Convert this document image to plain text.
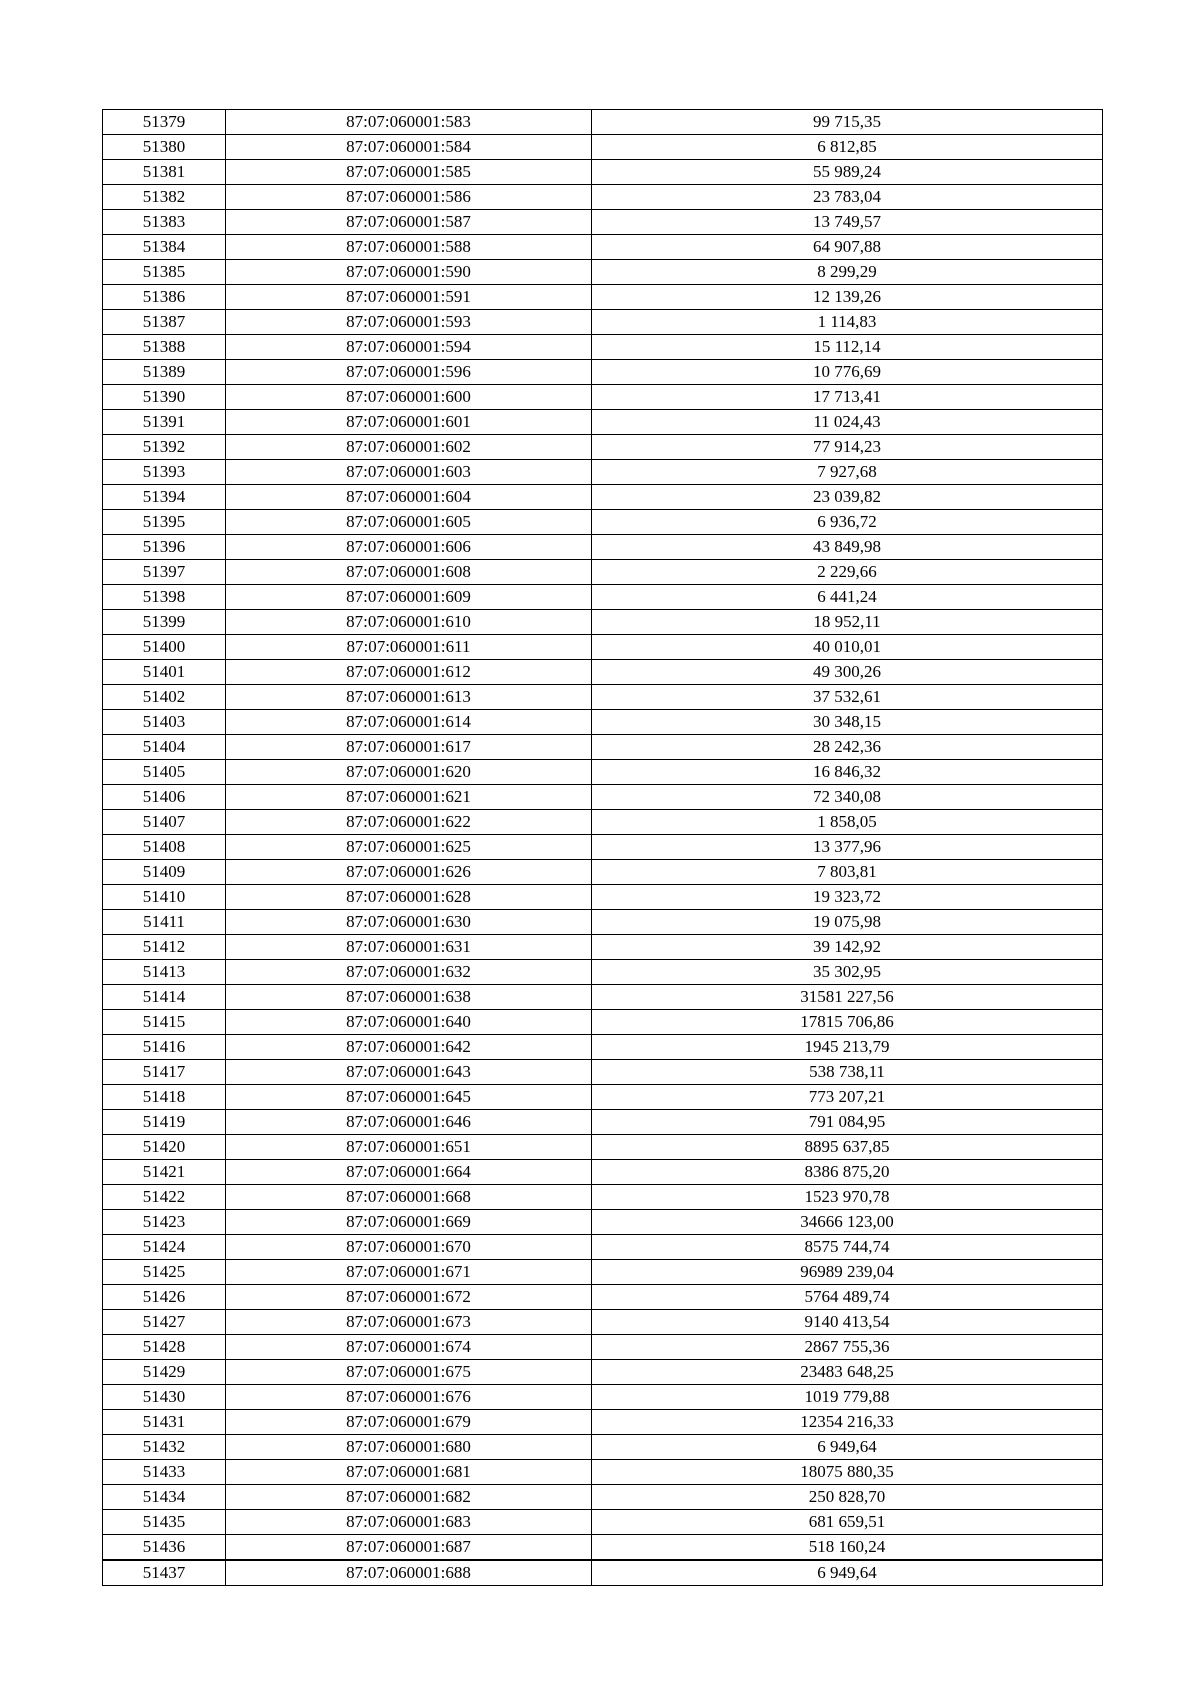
51379	87:07:060001:583	99 715,35
51380	87:07:060001:584	6 812,85
51381	87:07:060001:585	55 989,24
51382	87:07:060001:586	23 783,04
51383	87:07:060001:587	13 749,57
51384	87:07:060001:588	64 907,88
51385	87:07:060001:590	8 299,29
51386	87:07:060001:591	12 139,26
51387	87:07:060001:593	1 114,83
51388	87:07:060001:594	15 112,14
51389	87:07:060001:596	10 776,69
51390	87:07:060001:600	17 713,41
51391	87:07:060001:601	11 024,43
51392	87:07:060001:602	77 914,23
51393	87:07:060001:603	7 927,68
51394	87:07:060001:604	23 039,82
51395	87:07:060001:605	6 936,72
51396	87:07:060001:606	43 849,98
51397	87:07:060001:608	2 229,66
51398	87:07:060001:609	6 441,24
51399	87:07:060001:610	18 952,11
51400	87:07:060001:611	40 010,01
51401	87:07:060001:612	49 300,26
51402	87:07:060001:613	37 532,61
51403	87:07:060001:614	30 348,15
51404	87:07:060001:617	28 242,36
51405	87:07:060001:620	16 846,32
51406	87:07:060001:621	72 340,08
51407	87:07:060001:622	1 858,05
51408	87:07:060001:625	13 377,96
51409	87:07:060001:626	7 803,81
51410	87:07:060001:628	19 323,72
51411	87:07:060001:630	19 075,98
51412	87:07:060001:631	39 142,92
51413	87:07:060001:632	35 302,95
51414	87:07:060001:638	31581 227,56
51415	87:07:060001:640	17815 706,86
51416	87:07:060001:642	1945 213,79
51417	87:07:060001:643	538 738,11
51418	87:07:060001:645	773 207,21
51419	87:07:060001:646	791 084,95
51420	87:07:060001:651	8895 637,85
51421	87:07:060001:664	8386 875,20
51422	87:07:060001:668	1523 970,78
51423	87:07:060001:669	34666 123,00
51424	87:07:060001:670	8575 744,74
51425	87:07:060001:671	96989 239,04
51426	87:07:060001:672	5764 489,74
51427	87:07:060001:673	9140 413,54
51428	87:07:060001:674	2867 755,36
51429	87:07:060001:675	23483 648,25
51430	87:07:060001:676	1019 779,88
51431	87:07:060001:679	12354 216,33
51432	87:07:060001:680	6 949,64
51433	87:07:060001:681	18075 880,35
51434	87:07:060001:682	250 828,70
51435	87:07:060001:683	681 659,51
51436	87:07:060001:687	518 160,24
51437	87:07:060001:688	6 949,64
